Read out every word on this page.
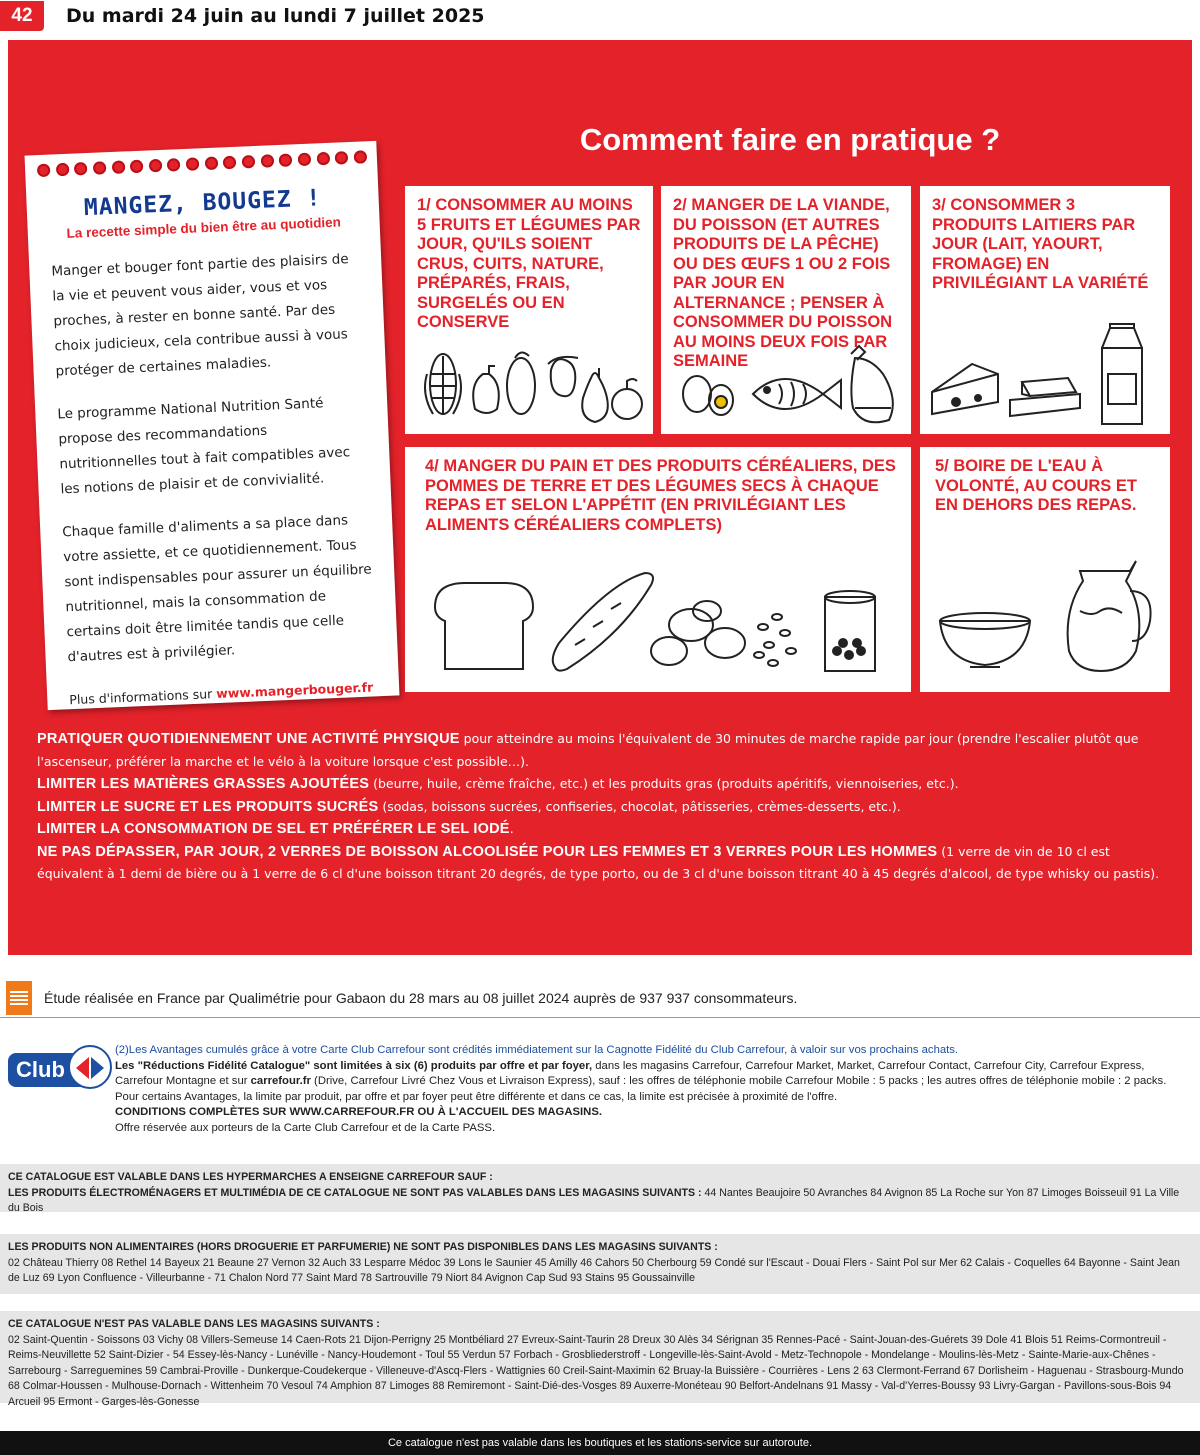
42	Du mardi 24 juin au lundi 7 juillet 2025
MANGEZ, BOUGEZ !
La recette simple du bien être au quotidien

Manger et bouger font partie des plaisirs de la vie et peuvent vous aider, vous et vos proches, à rester en bonne santé. Par des choix judicieux, cela contribue aussi à vous protéger de certaines maladies.

Le programme National Nutrition Santé propose des recommandations nutritionnelles tout à fait compatibles avec les notions de plaisir et de convivialité.

Chaque famille d'aliments a sa place dans votre assiette, et ce quotidiennement. Tous sont indispensables pour assurer un équilibre nutritionnel, mais la consommation de certains doit être limitée tandis que celle d'autres est à privilégier.

Plus d'informations sur www.mangerbouger.fr
Comment faire en pratique ?
1/ CONSOMMER AU MOINS 5 FRUITS ET LÉGUMES PAR JOUR, QU'ILS SOIENT CRUS, CUITS, NATURE, PRÉPARÉS, FRAIS, SURGELÉS OU EN CONSERVE
2/ MANGER DE LA VIANDE, DU POISSON (ET AUTRES PRODUITS DE LA PÊCHE) OU DES ŒUFS 1 OU 2 FOIS PAR JOUR EN ALTERNANCE ; PENSER À CONSOMMER DU POISSON AU MOINS DEUX FOIS PAR SEMAINE
3/ CONSOMMER 3 PRODUITS LAITIERS PAR JOUR (LAIT, YAOURT, FROMAGE) EN PRIVILÉGIANT LA VARIÉTÉ
4/ MANGER DU PAIN ET DES PRODUITS CÉRÉALIERS, DES POMMES DE TERRE ET DES LÉGUMES SECS À CHAQUE REPAS ET SELON L'APPÉTIT (EN PRIVILÉGIANT LES ALIMENTS CÉRÉALIERS COMPLETS)
5/ BOIRE DE L'EAU À VOLONTÉ, AU COURS ET EN DEHORS DES REPAS.
PRATIQUER QUOTIDIENNEMENT UNE ACTIVITÉ PHYSIQUE pour atteindre au moins l'équivalent de 30 minutes de marche rapide par jour (prendre l'escalier plutôt que l'ascenseur, préférer la marche et le vélo à la voiture lorsque c'est possible…).
LIMITER LES MATIÈRES GRASSES AJOUTÉES (beurre, huile, crème fraîche, etc.) et les produits gras (produits apéritifs, viennoiseries, etc.).
LIMITER LE SUCRE ET LES PRODUITS SUCRÉS (sodas, boissons sucrées, confiseries, chocolat, pâtisseries, crèmes-desserts, etc.).
LIMITER LA CONSOMMATION DE SEL ET PRÉFÉRER LE SEL IODÉ.
NE PAS DÉPASSER, PAR JOUR, 2 VERRES DE BOISSON ALCOOLISÉE POUR LES FEMMES ET 3 VERRES POUR LES HOMMES (1 verre de vin de 10 cl est équivalent à 1 demi de bière ou à 1 verre de 6 cl d'une boisson titrant 20 degrés, de type porto, ou de 3 cl d'une boisson titrant 40 à 45 degrés d'alcool, de type whisky ou pastis).
Étude réalisée en France par Qualimétrie pour Gabaon du 28 mars au 08 juillet 2024 auprès de 937 937 consommateurs.
Club
(2)Les Avantages cumulés grâce à votre Carte Club Carrefour sont crédités immédiatement sur la Cagnotte Fidélité du Club Carrefour, à valoir sur vos prochains achats.
Les "Réductions Fidélité Catalogue" sont limitées à six (6) produits par offre et par foyer, dans les magasins Carrefour, Carrefour Market, Market, Carrefour Contact, Carrefour City, Carrefour Express, Carrefour Montagne et sur carrefour.fr (Drive, Carrefour Livré Chez Vous et Livraison Express), sauf : les offres de téléphonie mobile Carrefour Mobile : 5 packs ; les autres offres de téléphonie mobile : 2 packs.
Pour certains Avantages, la limite par produit, par offre et par foyer peut être différente et dans ce cas, la limite est précisée à proximité de l'offre.
CONDITIONS COMPLÈTES SUR WWW.CARREFOUR.FR OU À L'ACCUEIL DES MAGASINS.
Offre réservée aux porteurs de la Carte Club Carrefour et de la Carte PASS.
CE CATALOGUE EST VALABLE DANS LES HYPERMARCHES A ENSEIGNE CARREFOUR SAUF :
LES PRODUITS ÉLECTROMÉNAGERS ET MULTIMÉDIA DE CE CATALOGUE NE SONT PAS VALABLES DANS LES MAGASINS SUIVANTS : 44 Nantes Beaujoire 50 Avranches 84 Avignon 85 La Roche sur Yon 87 Limoges Boisseuil 91 La Ville du Bois
LES PRODUITS NON ALIMENTAIRES (HORS DROGUERIE ET PARFUMERIE) NE SONT PAS DISPONIBLES DANS LES MAGASINS SUIVANTS :
02 Château Thierry 08 Rethel 14 Bayeux 21 Beaune 27 Vernon 32 Auch 33 Lesparre Médoc 39 Lons le Saunier 45 Amilly 46 Cahors 50 Cherbourg 59 Condé sur l'Escaut - Douai Flers - Saint Pol sur Mer 62 Calais - Coquelles 64 Bayonne - Saint Jean de Luz 69 Lyon Confluence - Villeurbanne - 71 Chalon Nord 77 Saint Mard 78 Sartrouville 79 Niort 84 Avignon Cap Sud 93 Stains 95 Goussainville
CE CATALOGUE N'EST PAS VALABLE DANS LES MAGASINS SUIVANTS :
02 Saint-Quentin - Soissons 03 Vichy 08 Villers-Semeuse 14 Caen-Rots 21 Dijon-Perrigny 25 Montbéliard 27 Evreux-Saint-Taurin 28 Dreux 30 Alès 34 Sérignan 35 Rennes-Pacé - Saint-Jouan-des-Guérets 39 Dole 41 Blois 51 Reims-Cormontreuil - Reims-Neuvillette 52 Saint-Dizier - 54 Essey-lès-Nancy - Lunéville - Nancy-Houdemont - Toul 55 Verdun 57 Forbach - Grosbliederstroff - Longeville-lès-Saint-Avold - Metz-Technopole - Mondelange - Moulins-lès-Metz - Sainte-Marie-aux-Chênes - Sarrebourg - Sarreguemines 59 Cambrai-Proville - Dunkerque-Coudekerque - Villeneuve-d'Ascq-Flers - Wattignies 60 Creil-Saint-Maximin 62 Bruay-la Buissière - Courrières - Lens 2 63 Clermont-Ferrand 67 Dorlisheim - Haguenau - Strasbourg-Mundo 68 Colmar-Houssen - Mulhouse-Dornach - Wittenheim 70 Vesoul 74 Amphion 87 Limoges 88 Remiremont - Saint-Dié-des-Vosges 89 Auxerre-Monéteau 90 Belfort-Andelnans 91 Massy - Val-d'Yerres-Boussy 93 Livry-Gargan - Pavillons-sous-Bois 94 Arcueil 95 Ermont - Garges-lès-Gonesse
Ce catalogue n'est pas valable dans les boutiques et les stations-service sur autoroute.
